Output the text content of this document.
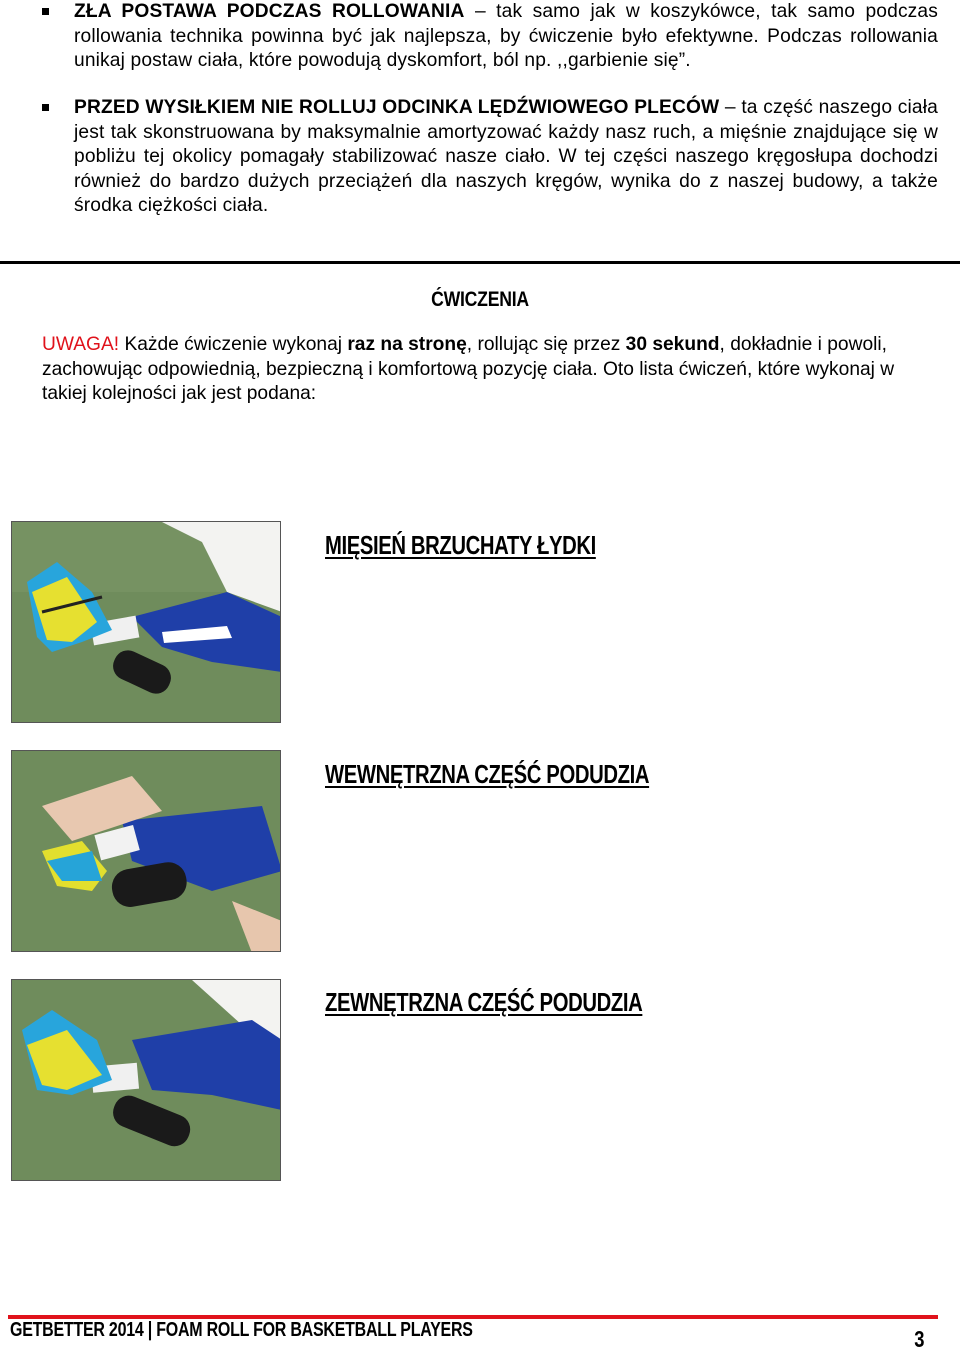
ZŁA POSTAWA PODCZAS ROLLOWANIA – tak samo jak w koszykówce, tak samo podczas rollowania technika powinna być jak najlepsza, by ćwiczenie było efektywne. Podczas rollowania unikaj postaw ciała, które powodują dyskomfort, ból np. ,,garbienie się”.

PRZED WYSIŁKIEM NIE ROLLUJ ODCINKA LĘDŹWIOWEGO PLECÓW – ta część naszego ciała jest tak skonstruowana by maksymalnie amortyzować każdy nasz ruch, a mięśnie znajdujące się w pobliżu tej okolicy pomagały stabilizować nasze ciało. W tej części naszego kręgosłupa dochodzi również do bardzo dużych przeciążeń dla naszych kręgów, wynika do z naszej budowy, a także środka ciężkości ciała.

ĆWICZENIA
UWAGA! Każde ćwiczenie wykonaj raz na stronę, rollując się przez 30 sekund, dokładnie i powoli, zachowując odpowiednią, bezpieczną i komfortową pozycję ciała. Oto lista ćwiczeń, które wykonaj w takiej kolejności jak jest podana:
MIĘSIEŃ BRZUCHATY ŁYDKI
WEWNĘTRZNA CZĘŚĆ PODUDZIA
ZEWNĘTRZNA CZĘŚĆ PODUDZIA
GETBETTER 2014 | FOAM ROLL FOR BASKETBALL PLAYERS	3
